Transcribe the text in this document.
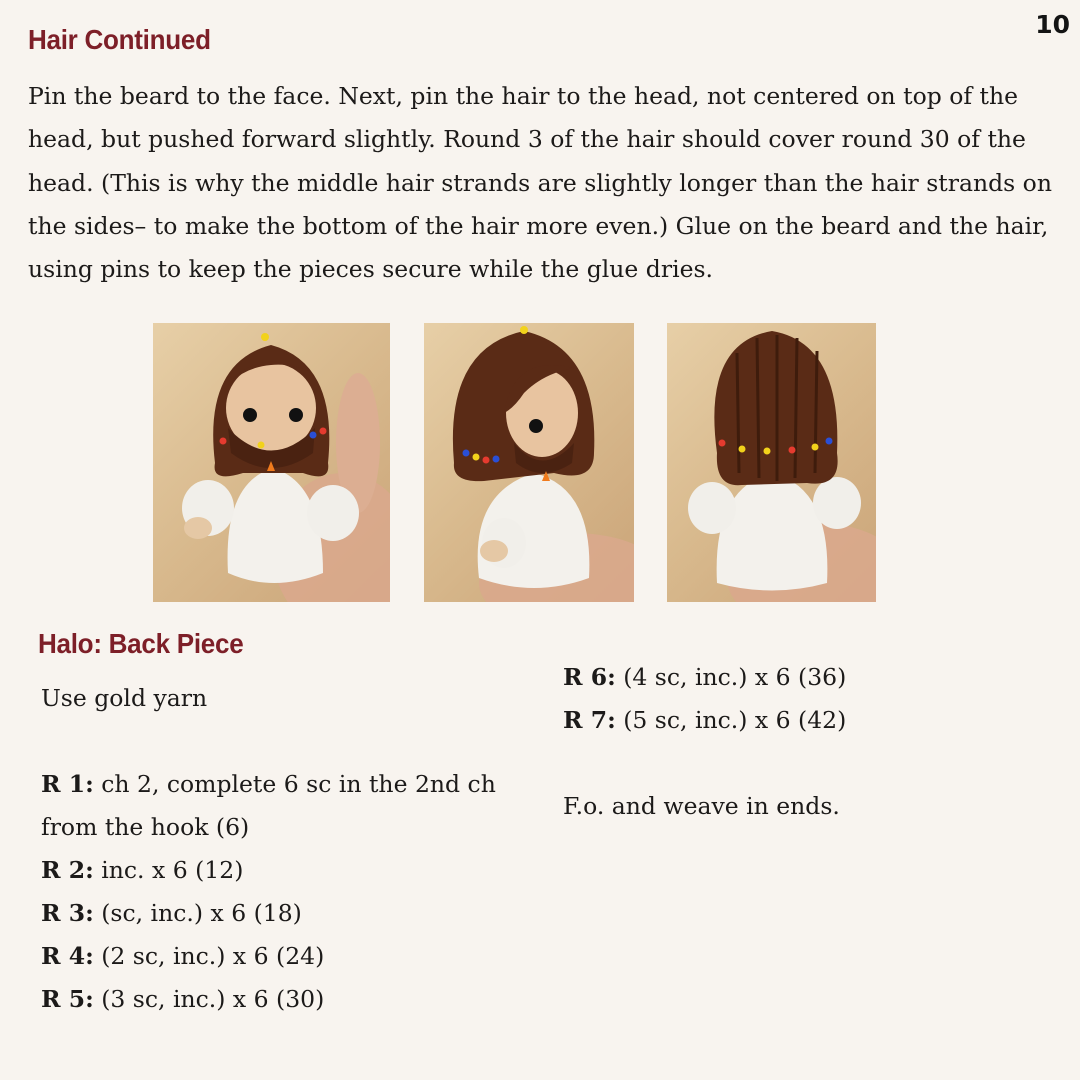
10
Hair Continued

Pin the beard to the face. Next, pin the hair to the head, not centered on top of the head, but pushed forward slightly. Round 3 of the hair should cover round 30 of the head. (This is why the middle hair strands are slightly longer than the hair strands on the sides– to make the bottom of the hair more even.) Glue on the beard and the hair, using pins to keep the pieces secure while the glue dries.

Halo: Back Piece

Use gold yarn

R 1: ch 2, complete 6 sc in the 2nd ch from the hook (6)
R 2: inc. x 6 (12)
R 3: (sc, inc.) x 6 (18)
R 4: (2 sc, inc.) x 6 (24)
R 5: (3 sc, inc.) x 6 (30)
R 6: (4 sc, inc.) x 6 (36)
R 7: (5 sc, inc.) x 6 (42)

F.o. and weave in ends.
